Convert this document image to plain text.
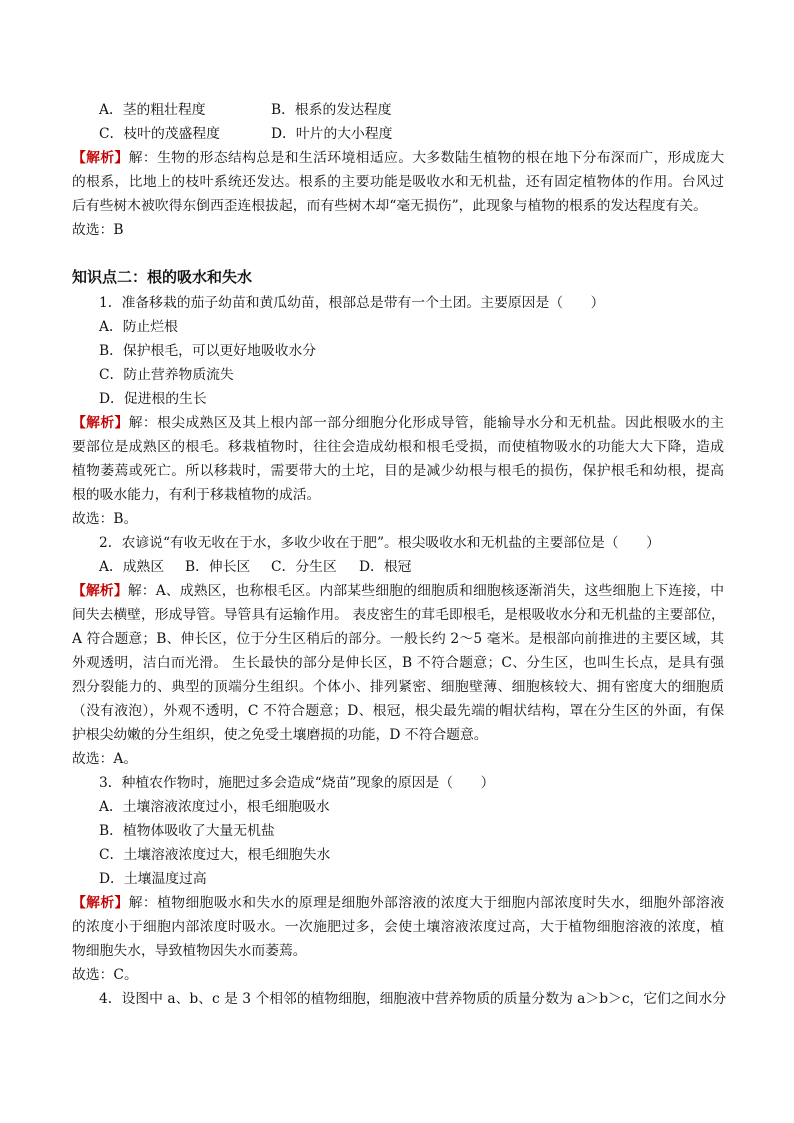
A．茎的粗壮程度	B．根系的发达程度
C．枝叶的茂盛程度	D．叶片的大小程度
【解析】解：生物的形态结构总是和生活环境相适应。大多数陆生植物的根在地下分布深而广，形成庞大
的根系，比地上的枝叶系统还发达。根系的主要功能是吸收水和无机盐，还有固定植物体的作用。台风过
后有些树木被吹得东倒西歪连根拔起，而有些树木却“毫无损伤”，此现象与植物的根系的发达程度有关。
故选：B
知识点二：根的吸水和失水
1．准备移栽的茄子幼苗和黄瓜幼苗，根部总是带有一个土团。主要原因是（　　）
A．防止烂根
B．保护根毛，可以更好地吸收水分
C．防止营养物质流失
D．促进根的生长
【解析】解：根尖成熟区及其上根内部一部分细胞分化形成导管，能输导水分和无机盐。因此根吸水的主
要部位是成熟区的根毛。移栽植物时，往往会造成幼根和根毛受损，而使植物吸水的功能大大下降，造成
植物萎蔫或死亡。所以移栽时，需要带大的土坨，目的是减少幼根与根毛的损伤，保护根毛和幼根，提高
根的吸水能力，有利于移栽植物的成活。
故选：B。
2．农谚说“有收无收在于水，多收少收在于肥”。根尖吸收水和无机盐的主要部位是（　　）
A．成熟区 B．伸长区 C．分生区 D．根冠
【解析】解：A、成熟区，也称根毛区。内部某些细胞的细胞质和细胞核逐渐消失，这些细胞上下连接，中
间失去横壁，形成导管。导管具有运输作用。 表皮密生的茸毛即根毛，是根吸收水分和无机盐的主要部位，
A 符合题意；B、伸长区，位于分生区稍后的部分。一般长约 2～5 毫米。是根部向前推进的主要区域，其
外观透明，洁白而光滑。 生长最快的部分是伸长区，B 不符合题意；C、分生区，也叫生长点，是具有强
烈分裂能力的、典型的顶端分生组织。个体小、排列紧密、细胞壁薄、细胞核较大、拥有密度大的细胞质
（没有液泡），外观不透明，C 不符合题意；D、根冠，根尖最先端的帽状结构，罩在分生区的外面，有保
护根尖幼嫩的分生组织，使之免受土壤磨损的功能，D 不符合题意。
故选：A。
3．种植农作物时，施肥过多会造成“烧苗”现象的原因是（　　）
A．土壤溶液浓度过小，根毛细胞吸水
B．植物体吸收了大量无机盐
C．土壤溶液浓度过大，根毛细胞失水
D．土壤温度过高
【解析】解：植物细胞吸水和失水的原理是细胞外部溶液的浓度大于细胞内部浓度时失水，细胞外部溶液
的浓度小于细胞内部浓度时吸水。一次施肥过多，会使土壤溶液浓度过高，大于植物细胞溶液的浓度，植
物细胞失水，导致植物因失水而萎蔫。
故选：C。
4．设图中 a、b、c 是 3 个相邻的植物细胞，细胞液中营养物质的质量分数为 a＞b＞c，它们之间水分
